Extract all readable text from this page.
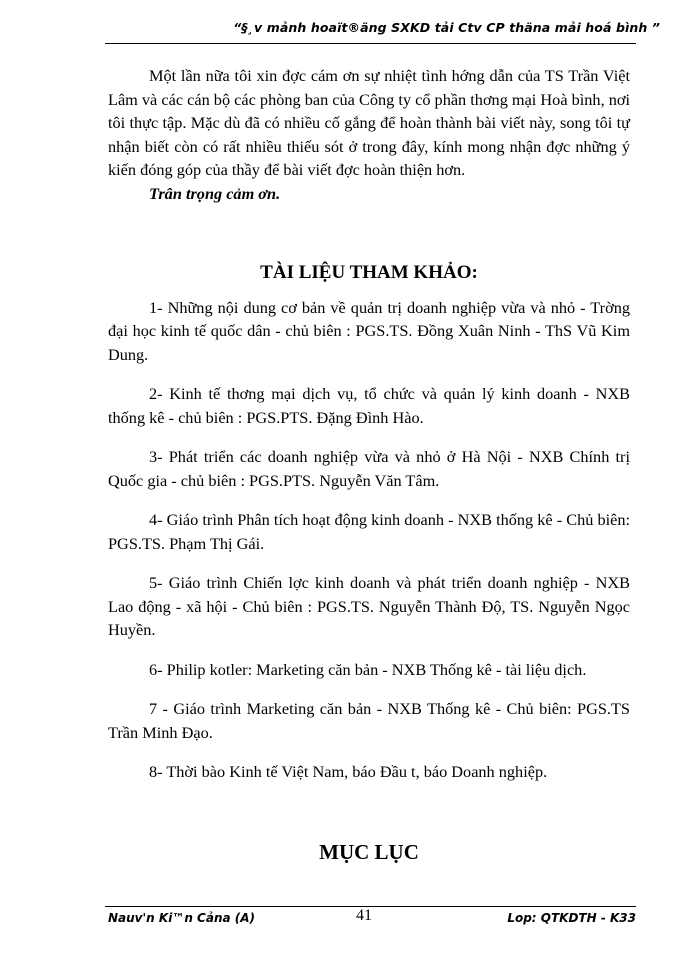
“§¸v mảnh hoaït®äng SXKD tải Ctv CP thäna mải hoá bình ”

Một lần nữa tôi xin đợc cám ơn sự nhiệt tình hớng dẫn của TS Trần Việt Lâm và các cán bộ các phòng ban của Công ty cổ phần thơng mại Hoà bình, nơi tôi thực tập. Mặc dù đã có nhiều cố gắng để hoàn thành bài viết này, song tôi tự nhận biết còn có rất nhiều thiếu sót ở trong đây, kính mong nhận đợc những ý kiến đóng góp của thầy để bài viết đợc hoàn thiện hơn.

Trân trọng cảm ơn.

TÀI LIỆU THAM KHẢO:
1- Những nội dung cơ bản về quản trị doanh nghiệp vừa và nhỏ - Trờng đại học kinh tế quốc dân - chủ biên : PGS.TS. Đồng Xuân Ninh - ThS Vũ Kim Dung.
2- Kinh tế thơng mại dịch vụ, tổ chức và quản lý kinh doanh - NXB thống kê - chủ biên : PGS.PTS. Đặng Đình Hào.
3- Phát triển các doanh nghiệp vừa và nhỏ ở Hà Nội - NXB Chính trị Quốc gia - chủ biên : PGS.PTS. Nguyễn Văn Tâm.
4- Giáo trình Phân tích hoạt động kinh doanh - NXB thống kê - Chủ biên: PGS.TS. Phạm Thị Gái.
5- Giáo trình Chiến lợc kinh doanh và phát triển doanh nghiệp - NXB Lao động - xã hội - Chủ biên : PGS.TS. Nguyễn Thành Độ, TS. Nguyễn Ngọc Huyền.
6- Philip kotler: Marketing căn bản - NXB Thống kê - tài liệu dịch.
7 - Giáo trình Marketing căn bản - NXB Thống kê - Chủ biên: PGS.TS Trần Minh Đạo.
8- Thời bào Kinh tế Việt Nam, báo Đầu t, báo Doanh nghiệp.
MỤC LỤC
Nauv'n Ki™n Cảna (A)	41	Lop: QTKDTH - K33
